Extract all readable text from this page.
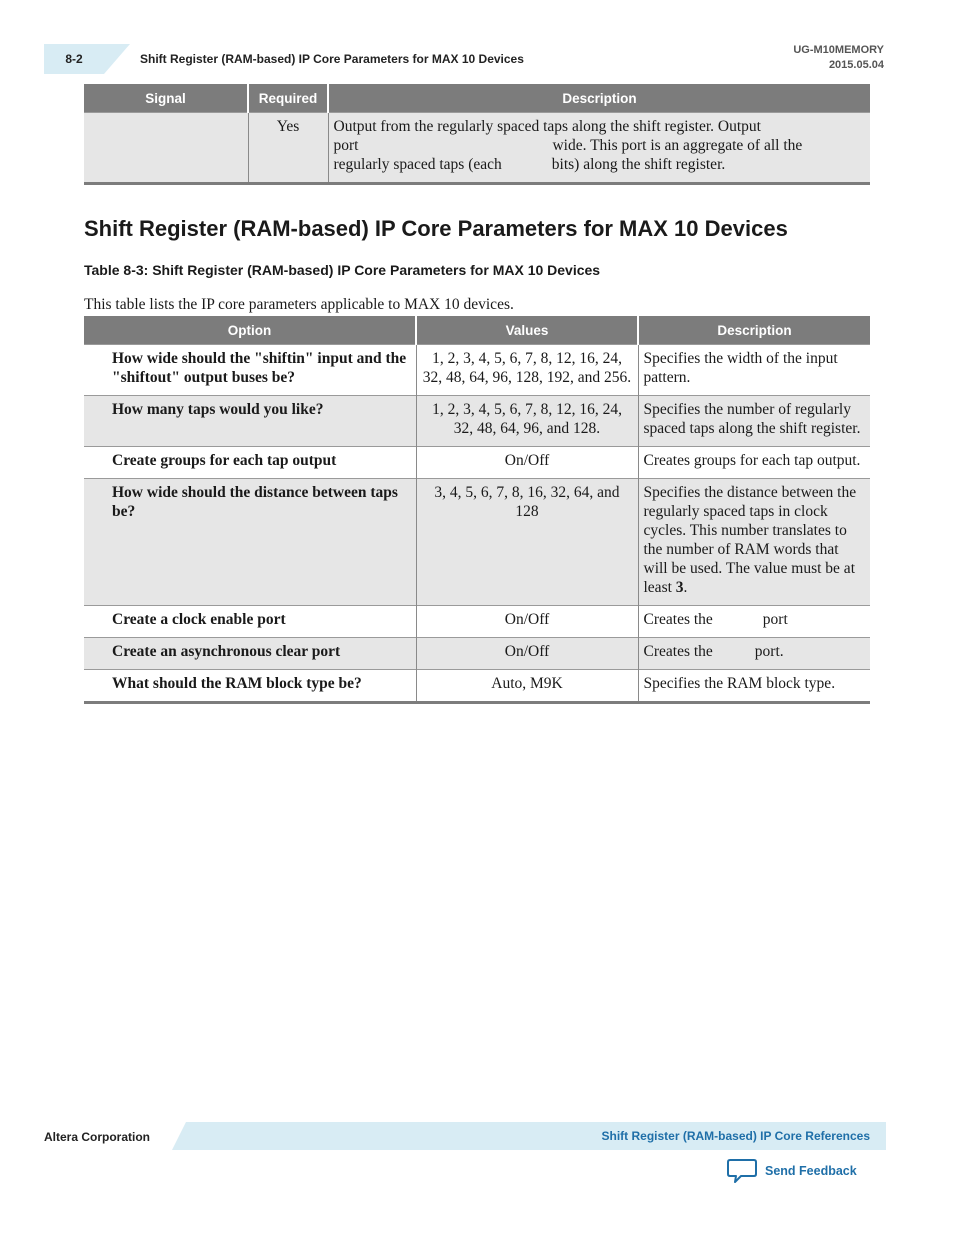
8-2	Shift Register (RAM-based) IP Core Parameters for MAX 10 Devices
UG-M10MEMORY
2015.05.04
Signal	Required	Description
	Yes	Output from the regularly spaced taps along the shift register. Output
port wide. This port is an aggregate of all the
regularly spaced taps (each bits) along the shift register.
Shift Register (RAM-based) IP Core Parameters for MAX 10 Devices
Table 8-3: Shift Register (RAM-based) IP Core Parameters for MAX 10 Devices
This table lists the IP core parameters applicable to MAX 10 devices.
Option	Values	Description
How wide should the "shiftin" input and the "shiftout" output buses be?	1, 2, 3, 4, 5, 6, 7, 8, 12, 16, 24, 32, 48, 64, 96, 128, 192, and 256.	Specifies the width of the input pattern.
How many taps would you like?	1, 2, 3, 4, 5, 6, 7, 8, 12, 16, 24, 32, 48, 64, 96, and 128.	Specifies the number of regularly spaced taps along the shift register.
Create groups for each tap output	On/Off	Creates groups for each tap output.
How wide should the distance between taps be?	3, 4, 5, 6, 7, 8, 16, 32, 64, and 128	Specifies the distance between the regularly spaced taps in clock cycles. This number translates to the number of RAM words that will be used. The value must be at least 3.
Create a clock enable port	On/Off	Creates the port
Create an asynchronous clear port	On/Off	Creates the port.
What should the RAM block type be?	Auto, M9K	Specifies the RAM block type.
Altera Corporation	Shift Register (RAM-based) IP Core References
Send Feedback
